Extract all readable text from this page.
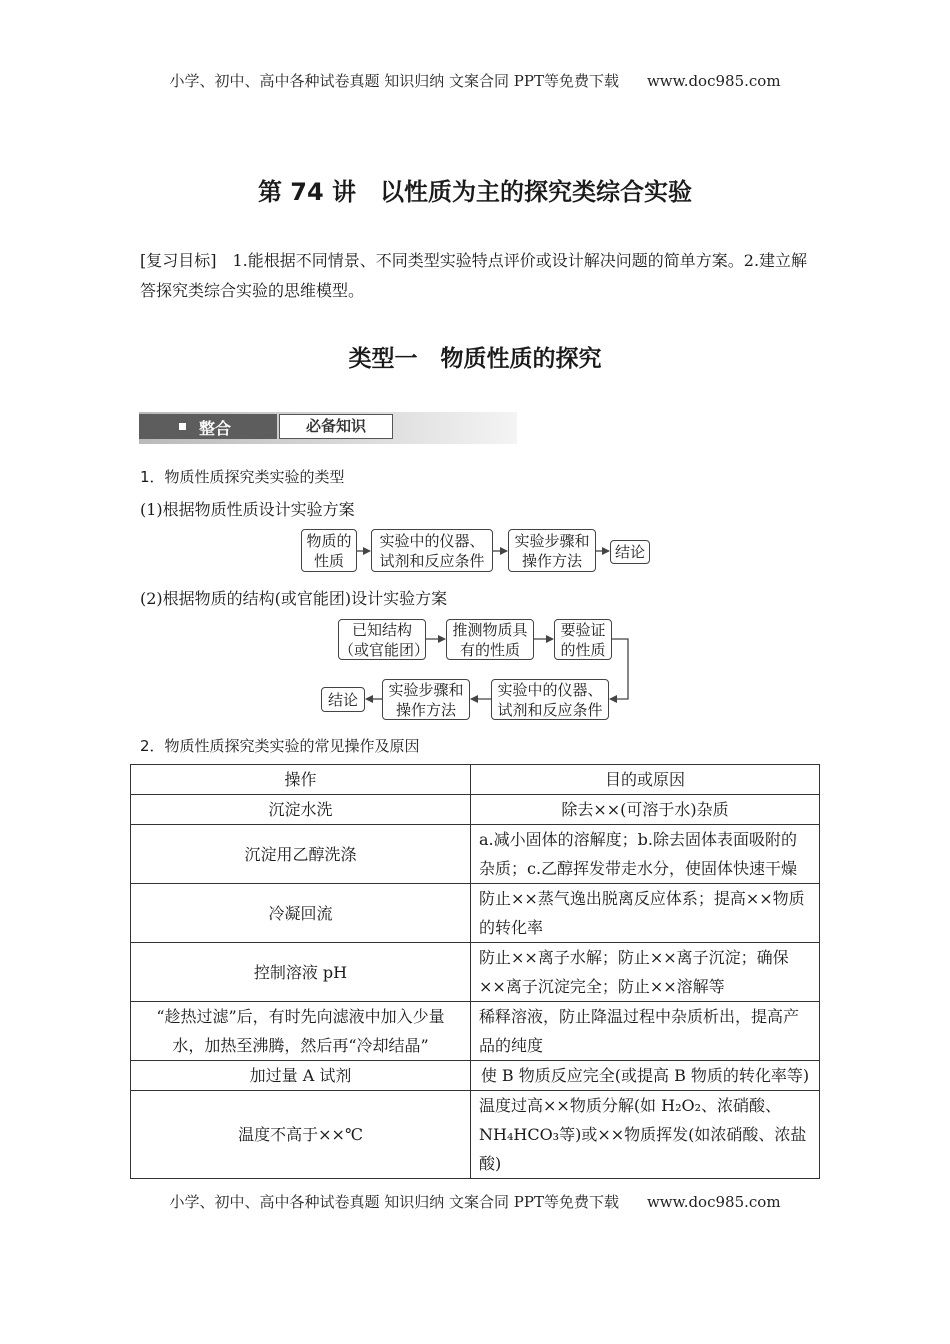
小学、初中、高中各种试卷真题 知识归纳 文案合同 PPT等免费下载 www.doc985.com
第 74 讲　以性质为主的探究类综合实验
[复习目标]　1.能根据不同情景、不同类型实验特点评价或设计解决问题的简单方案。2.建立解答探究类综合实验的思维模型。
类型一　物质性质的探究
整合	必备知识
1．物质性质探究类实验的类型
(1)根据物质性质设计实验方案
物质的
性质
实验中的仪器、
试剂和反应条件
实验步骤和
操作方法	结论
(2)根据物质的结构(或官能团)设计实验方案
已知结构
（或官能团）
推测物质具
有的性质
要验证
的性质
结论
实验步骤和
操作方法
实验中的仪器、
试剂和反应条件
2．物质性质探究类实验的常见操作及原因
操作	目的或原因
沉淀水洗	除去××(可溶于水)杂质
沉淀用乙醇洗涤	a.减小固体的溶解度；b.除去固体表面吸附的杂质；c.乙醇挥发带走水分，使固体快速干燥
冷凝回流	防止××蒸气逸出脱离反应体系；提高××物质的转化率
控制溶液 pH	防止××离子水解；防止××离子沉淀；确保××离子沉淀完全；防止××溶解等
“趁热过滤”后，有时先向滤液中加入少量水，加热至沸腾，然后再“冷却结晶”	稀释溶液，防止降温过程中杂质析出，提高产品的纯度
加过量 A 试剂	使 B 物质反应完全(或提高 B 物质的转化率等)
温度不高于××℃	温度过高××物质分解(如 H₂O₂、浓硝酸、NH₄HCO₃等)或××物质挥发(如浓硝酸、浓盐酸)
小学、初中、高中各种试卷真题 知识归纳 文案合同 PPT等免费下载 www.doc985.com
